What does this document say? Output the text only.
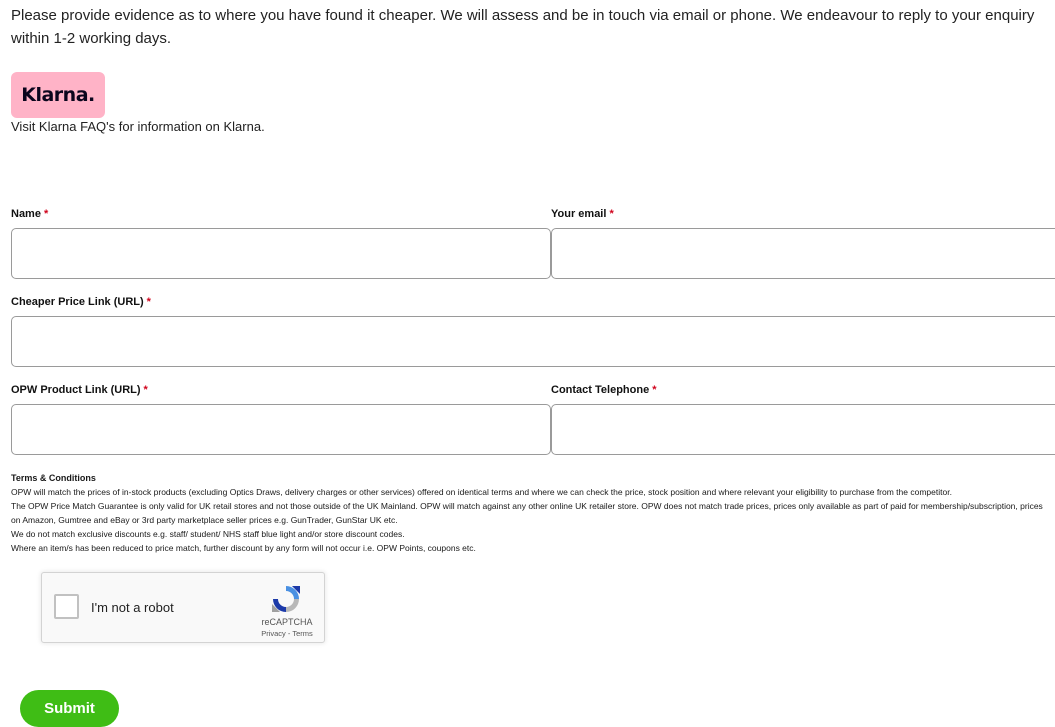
Please provide evidence as to where you have found it cheaper. We will assess and be in touch via email or phone. We endeavour to reply to your enquiry within 1-2 working days.
Klarna.
Visit Klarna FAQ's for information on Klarna.
Name *	Your email *
Cheaper Price Link (URL) *
OPW Product Link (URL) *	Contact Telephone *
Terms & Conditions

OPW will match the prices of in-stock products (excluding Optics Draws, delivery charges or other services) offered on identical terms and where we can check the price, stock position and where relevant your eligibility to purchase from the competitor.

The OPW Price Match Guarantee is only valid for UK retail stores and not those outside of the UK Mainland. OPW will match against any other online UK retailer store. OPW does not match trade prices, prices only available as part of paid for membership/subscription, prices on Amazon, Gumtree and eBay or 3rd party marketplace seller prices e.g. GunTrader, GunStar UK etc.

We do not match exclusive discounts e.g. staff/ student/ NHS staff blue light and/or store discount codes.

Where an item/s has been reduced to price match, further discount by any form will not occur i.e. OPW Points, coupons etc.

I'm not a robot
reCAPTCHA
Privacy - Terms
Submit
